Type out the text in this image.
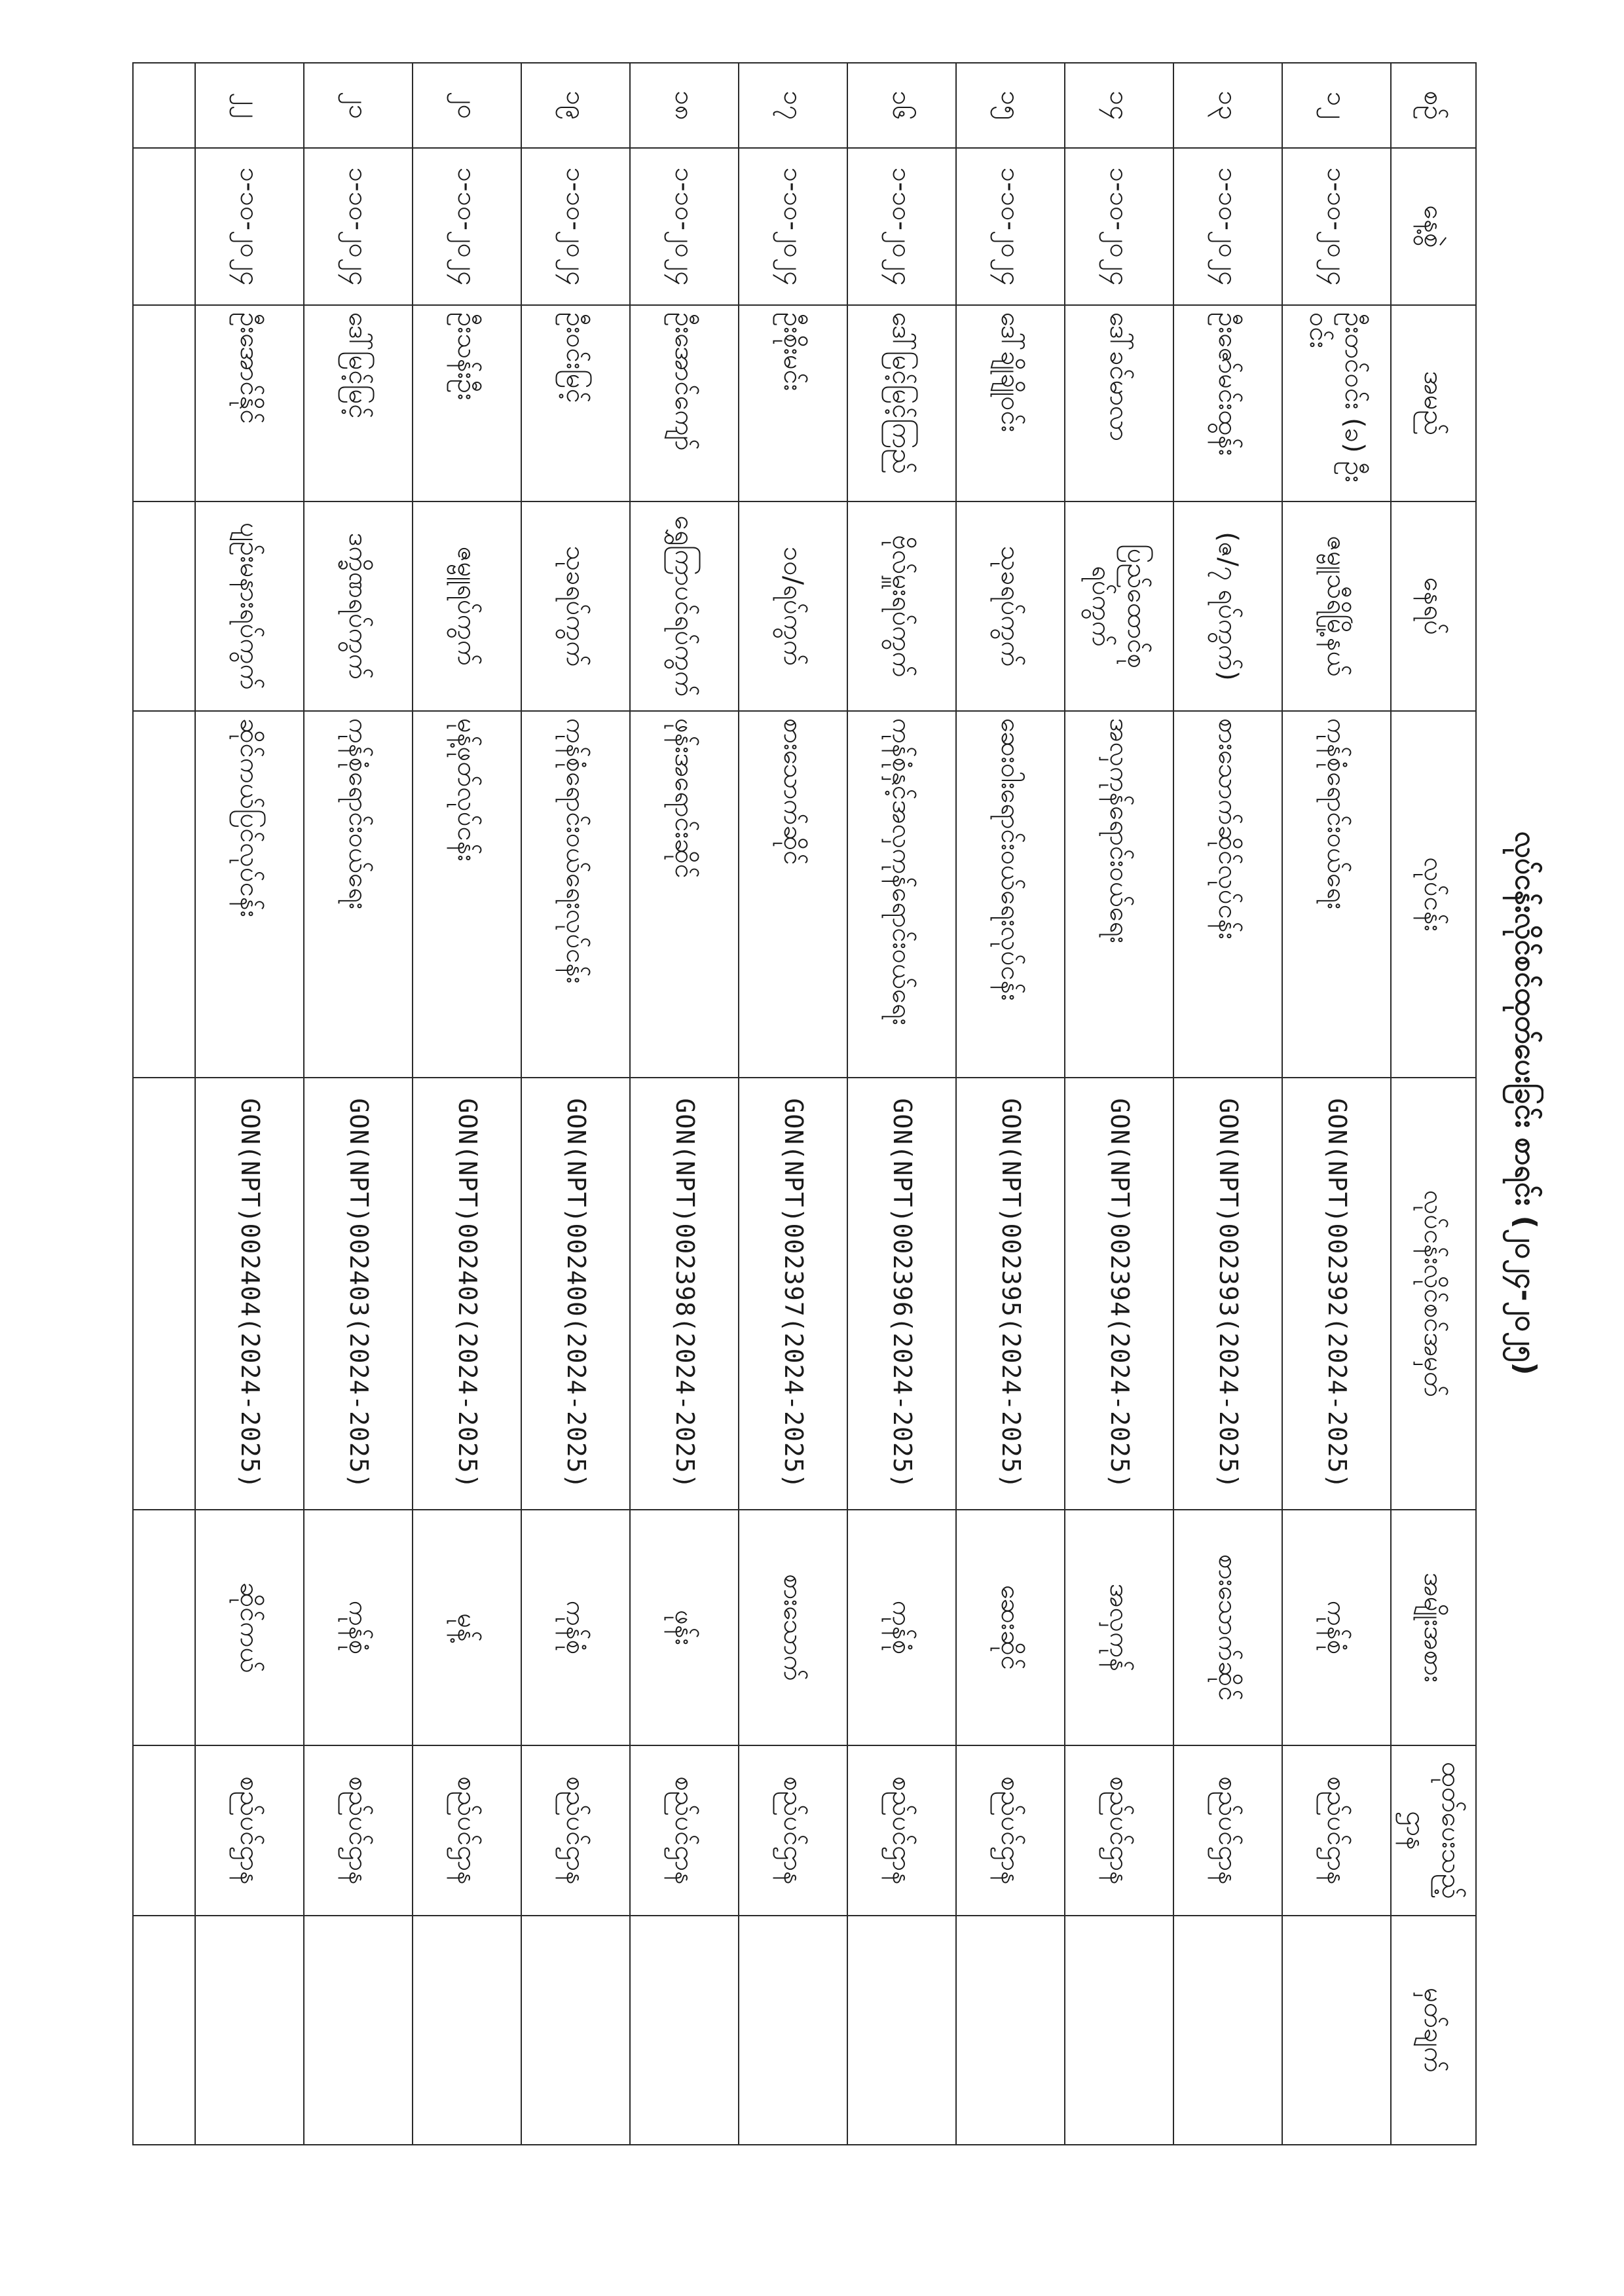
လုပ်ငန်းလိုင်စင်ထုတ်ပေးခြင်း စာရင်း (၂၀၂၄-၂၀၂၅)
စဉ်	နေ့စွဲ	အမည်	နေရပ်	လုပ်ငန်း	လုပ်ငန်းလိုင်စင်အမှတ်	အမျိုးအစား	ထုတ်ပေးသည့် ဌာန	မှတ်ချက်
၁၂	၁-၁၀-၂၀၂၄	ဦးတင်ဝင်း (ခ) ဦးဝင်း	ဇမ္ဗူသီရိမြို့နယ်	ကုန်စုံရောင်းဝယ်ရေး	GON(NPT)002392(2024-2025)	ကုန်စုံ	စည်ပင်ဌာန	
၁၃	၁-၁၀-၂၀၂၄	ဦးဇော်မင်းထွန်း	(ဇ/၇ ရပ်ကွက်)	စားသောက်ဆိုင်လုပ်ငန်း	GON(NPT)002393(2024-2025)	စားသောက်ဆိုင်	စည်ပင်ဌာန	
၁၄	၁-၁၀-၂၀၂၄	ဒေါ်ခင်မာလာ	ပြည်ထောင်စုရပ်ကွက်	အလှကုန်ရောင်းဝယ်ရေး	GON(NPT)002394(2024-2025)	အလှကုန်	စည်ပင်ဌာန	
၁၅	၁-၁၀-၂၀၂၄	ဒေါ်ချိုချိုဝင်း	သုခရပ်ကွက်	ဆေးဝါးရောင်းဝယ်ရေးလုပ်ငန်း	GON(NPT)002395(2024-2025)	ဆေးဆိုင်	စည်ပင်ဌာန	
၁၆	၁-၁၀-၂၀၂၄	ဒေါ်မြင့်မြင့်ကြည်	ဗိုလ်မှူးရပ်ကွက်	ကုန်စုံနှင့်အလှကုန်ရောင်းဝယ်ရေး	GON(NPT)002396(2024-2025)	ကုန်စုံ	စည်ပင်ဌာန	
၁၇	၁-၁၀-၂၀၂၄	ဦးစိုးမင်း	၁၀/ရပ်ကွက်	စားသောက်ဆိုင်	GON(NPT)002397(2024-2025)	စားသောက်	စည်ပင်ဌာန	
၁၈	၁-၁၀-၂၀၂၄	ဦးအောင်ကျော်	ရွှေကြာပင်ရပ်ကွက်	ဖုန်းအရောင်းဆိုင်	GON(NPT)002398(2024-2025)	ဖုန်း	စည်ပင်ဌာန	
၁၉	၁-၁၀-၂၀၂၄	ဦးဝင်းမြင့်	သုခရပ်ကွက်	ကုန်စုံရောင်းဝယ်ရေးလုပ်ငန်း	GON(NPT)002400(2024-2025)	ကုန်စုံ	စည်ပင်ဌာန	
၂၀	၁-၁၀-၂၀၂၄	ဦးသန်းဦး	ဇမ္ဗူရပ်ကွက်	မုန့်ဖုတ်လုပ်ငန်း	GON(NPT)002402(2024-2025)	မုန့်	စည်ပင်ဌာန	
၂၁	၁-၁၀-၂၀၂၄	ဒေါ်မြင့်မြင့်	ဒက္ခိဏရပ်ကွက်	ကုန်စုံရောင်းဝယ်ရေး	GON(NPT)002403(2024-2025)	ကုန်စုံ	စည်ပင်ဌာန	
၂၂	၁-၁၀-၂၀၂၄	ဦးအောင်နိုင်	ပျဉ်းမနားရပ်ကွက်	ဆိုင်ကယ်ပြင်လုပ်ငန်း	GON(NPT)002404(2024-2025)	ဆိုင်ကယ်	စည်ပင်ဌာန	
